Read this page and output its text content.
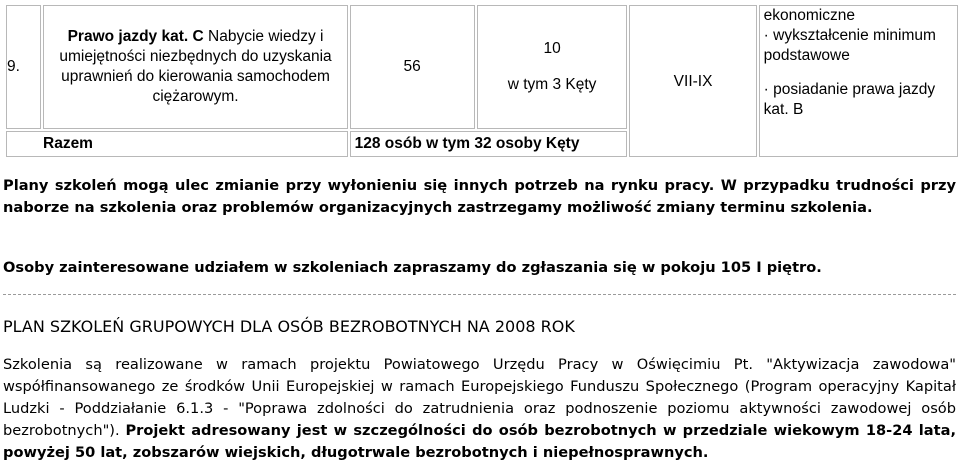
9.	Prawo jazdy kat. C Nabycie wiedzy i umiejętności niezbędnych do uzyskania uprawnień do kierowania samochodem ciężarowym.	56	10
w tym 3 Kęty	VII-IX	ekonomiczne
· wykształcenie minimum podstawowe
· posiadanie prawa jazdy kat. B

Razem		128 osób w tym 32 osoby Kęty			
Plany szkoleń mogą ulec zmianie przy wyłonieniu się innych potrzeb na rynku pracy. W przypadku trudności przy naborze na szkolenia oraz problemów organizacyjnych zastrzegamy możliwość zmiany terminu szkolenia.
Osoby zainteresowane udziałem w szkoleniach zapraszamy do zgłaszania się w pokoju 105 I piętro.
PLAN SZKOLEŃ GRUPOWYCH DLA OSÓB BEZROBOTNYCH NA 2008 ROK
Szkolenia są realizowane w ramach projektu Powiatowego Urzędu Pracy w Oświęcimiu Pt. "Aktywizacja zawodowa" współfinansowanego ze środków Unii Europejskiej w ramach Europejskiego Funduszu Społecznego (Program operacyjny Kapitał Ludzki - Poddziałanie 6.1.3 - "Poprawa zdolności do zatrudnienia oraz podnoszenie poziomu aktywności zawodowej osób bezrobotnych"). Projekt adresowany jest w szczególności do osób bezrobotnych w przedziale wiekowym 18-24 lata, powyżej 50 lat, zobszarów wiejskich, długotrwale bezrobotnych i niepełnosprawnych.
